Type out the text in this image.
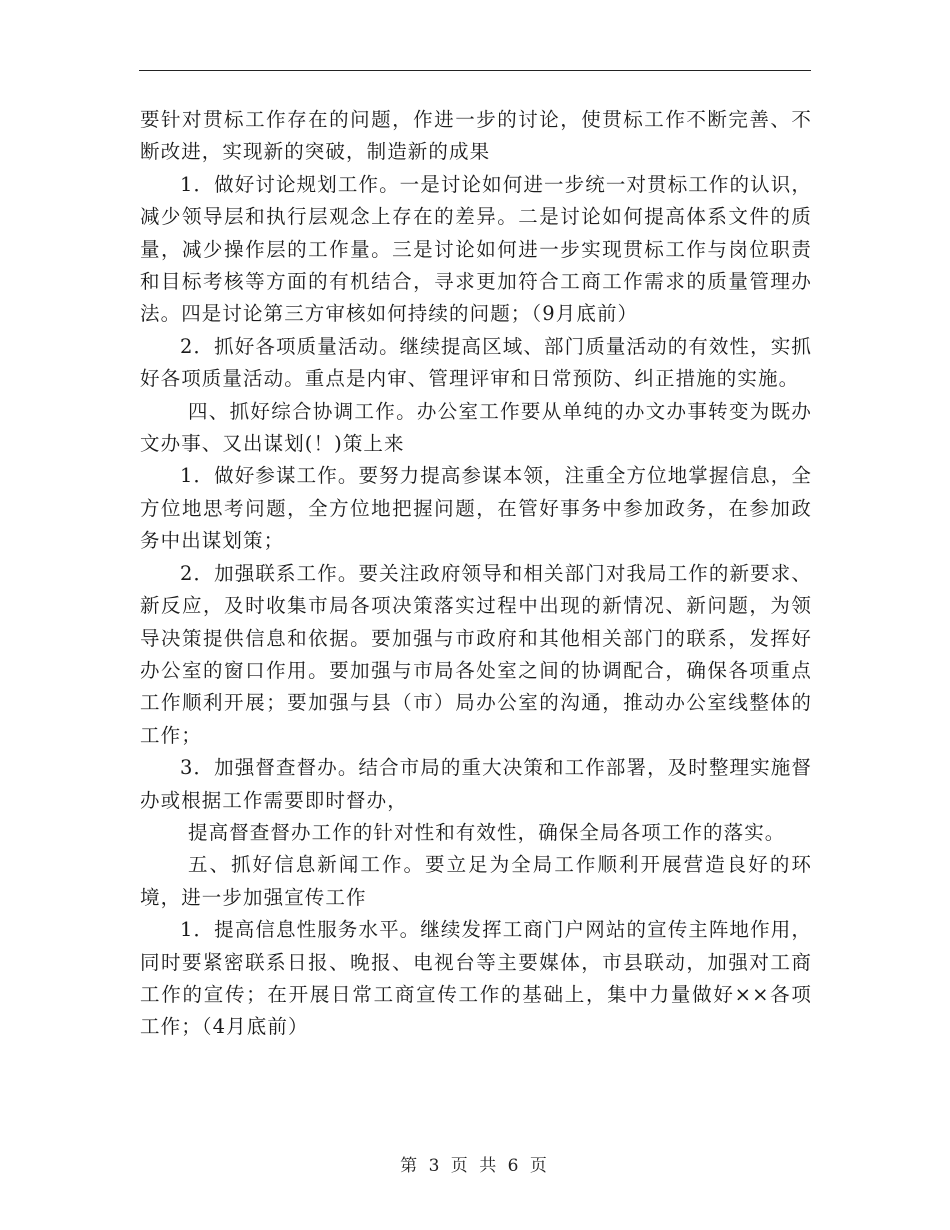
要针对贯标工作存在的问题，作进一步的讨论，使贯标工作不断完善、不断改进，实现新的突破，制造新的成果

1．做好讨论规划工作。一是讨论如何进一步统一对贯标工作的认识，减少领导层和执行层观念上存在的差异。二是讨论如何提高体系文件的质量，减少操作层的工作量。三是讨论如何进一步实现贯标工作与岗位职责和目标考核等方面的有机结合，寻求更加符合工商工作需求的质量管理办法。四是讨论第三方审核如何持续的问题；（9月底前）

2．抓好各项质量活动。继续提高区域、部门质量活动的有效性，实抓好各项质量活动。重点是内审、管理评审和日常预防、纠正措施的实施。

四、抓好综合协调工作。办公室工作要从单纯的办文办事转变为既办文办事、又出谋划(！)策上来

1．做好参谋工作。要努力提高参谋本领，注重全方位地掌握信息，全方位地思考问题，全方位地把握问题，在管好事务中参加政务，在参加政务中出谋划策；

2．加强联系工作。要关注政府领导和相关部门对我局工作的新要求、新反应，及时收集市局各项决策落实过程中出现的新情况、新问题，为领导决策提供信息和依据。要加强与市政府和其他相关部门的联系，发挥好办公室的窗口作用。要加强与市局各处室之间的协调配合，确保各项重点工作顺利开展；要加强与县（市）局办公室的沟通，推动办公室线整体的工作；

3．加强督查督办。结合市局的重大决策和工作部署，及时整理实施督办或根据工作需要即时督办，

提高督查督办工作的针对性和有效性，确保全局各项工作的落实。

五、抓好信息新闻工作。要立足为全局工作顺利开展营造良好的环境，进一步加强宣传工作

1．提高信息性服务水平。继续发挥工商门户网站的宣传主阵地作用，同时要紧密联系日报、晚报、电视台等主要媒体，市县联动，加强对工商工作的宣传；在开展日常工商宣传工作的基础上，集中力量做好××各项工作；（4月底前）

第 3 页 共 6 页
